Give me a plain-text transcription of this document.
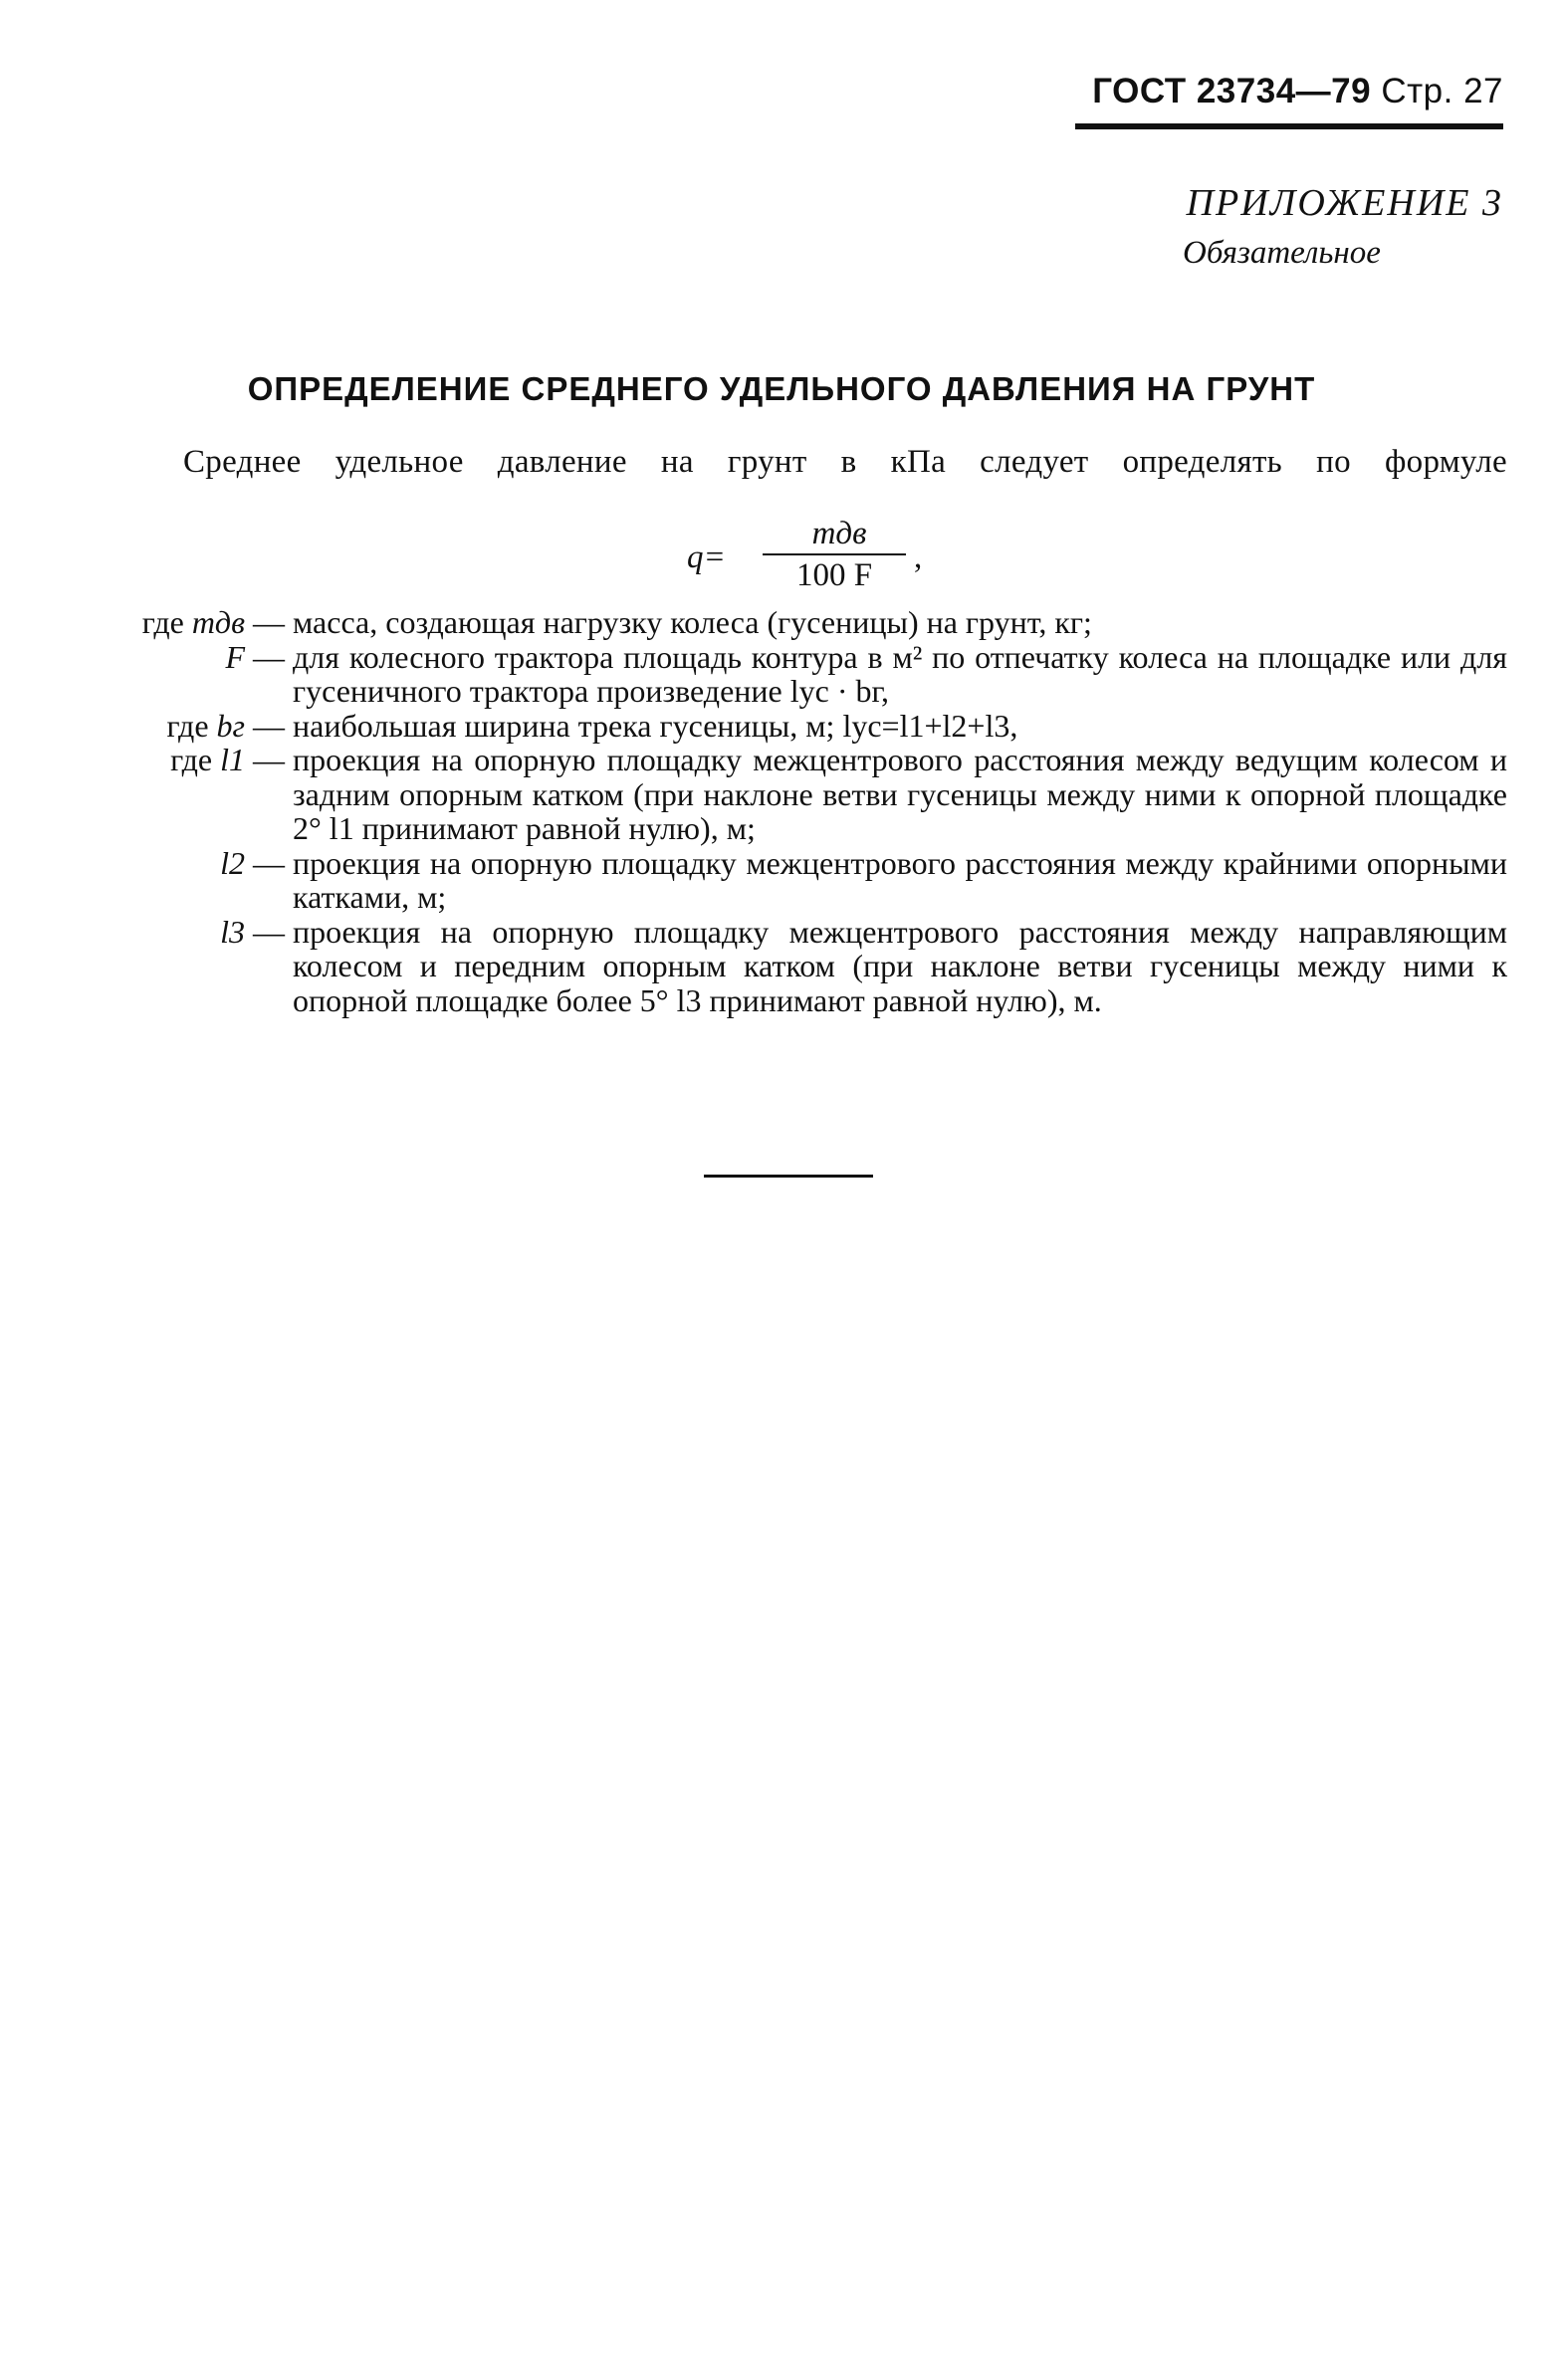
ГОСТ 23734—79 Стр. 27
ПРИЛОЖЕНИЕ 3
Обязательное
ОПРЕДЕЛЕНИЕ СРЕДНЕГО УДЕЛЬНОГО ДАВЛЕНИЯ НА ГРУНТ
Среднее удельное давление на грунт в кПа следует определять по формуле
q=
mдв
100 F	,
где mдв — масса, создающая нагрузку колеса (гусеницы) на грунт, кг;
F — для колесного трактора площадь контура в м² по отпечатку колеса на площадке или для гусеничного трактора произведение lус · bг,
где bг — наибольшая ширина трека гусеницы, м; lус=l1+l2+l3,
где l1 — проекция на опорную площадку межцентрового расстояния между ведущим колесом и задним опорным катком (при наклоне ветви гусеницы между ними к опорной площадке 2° l1 принимают равной нулю), м;
l2 — проекция на опорную площадку межцентрового расстояния между крайними опорными катками, м;
l3 — проекция на опорную площадку межцентрового расстояния между направляющим колесом и передним опорным катком (при наклоне ветви гусеницы между ними к опорной площадке более 5° l3 принимают равной нулю), м.
